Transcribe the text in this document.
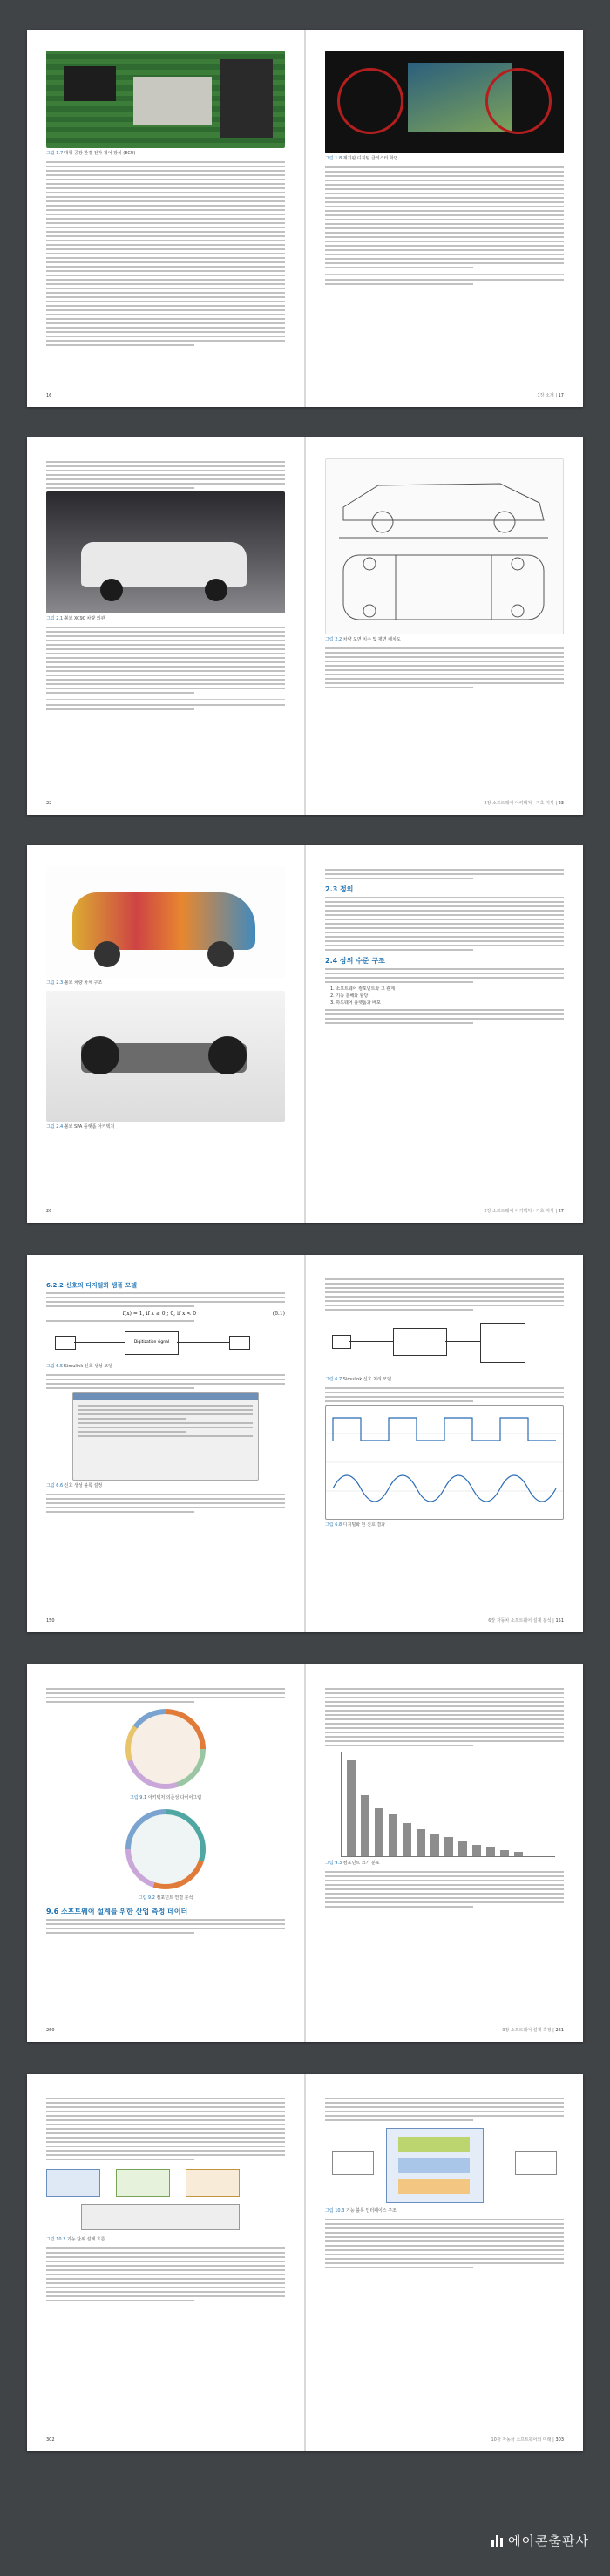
그림 1.7 대형 공장 환경 전자 제어 장치 (ECU)
16
그림 1.8 계기판 디지털 클러스터 화면
1장 소개 | 17
그림 2.1 볼보 XC90 차량 외관
22
그림 2.2 차량 도면 치수 및 평면 배치도
2장 소프트웨어 아키텍처 · 기초 지식 | 23
그림 2.3 볼보 차량 차체 구조
그림 2.4 볼보 SPA 플랫폼 아키텍처
26
2.3 정의
2.4 상위 수준 구조
1. 소프트웨어 컴포넌트와 그 관계
2. 기능 분해와 할당
3. 하드웨어 플랫폼과 배포
2장 소프트웨어 아키텍처 · 기초 지식 | 27
6.2.2 신호의 디지털화 샘플 모델
f(x) = 1, if x ≥ 0 ; 0, if x < 0	(6.1)
Digitization signal
그림 6.5 Simulink 신호 생성 모델
그림 6.6 신호 생성 블록 설정
150
그림 6.7 Simulink 신호 처리 모델
그림 6.8 디지털화 된 신호 결과
6장 자동차 소프트웨어 설계 분석 | 151
그림 9.1 아키텍처 의존성 다이어그램
그림 9.2 컴포넌트 연결 분석
9.6 소프트웨어 설계를 위한 산업 측정 데이터
260
그림 9.3 컴포넌트 크기 분포
9장 소프트웨어 설계 측정 | 261
그림 10.2 기능 단위 설계 흐름
302
그림 10.3 기능 블록 인터페이스 구조
10장 자동차 소프트웨어의 미래 | 303
에이콘출판사
